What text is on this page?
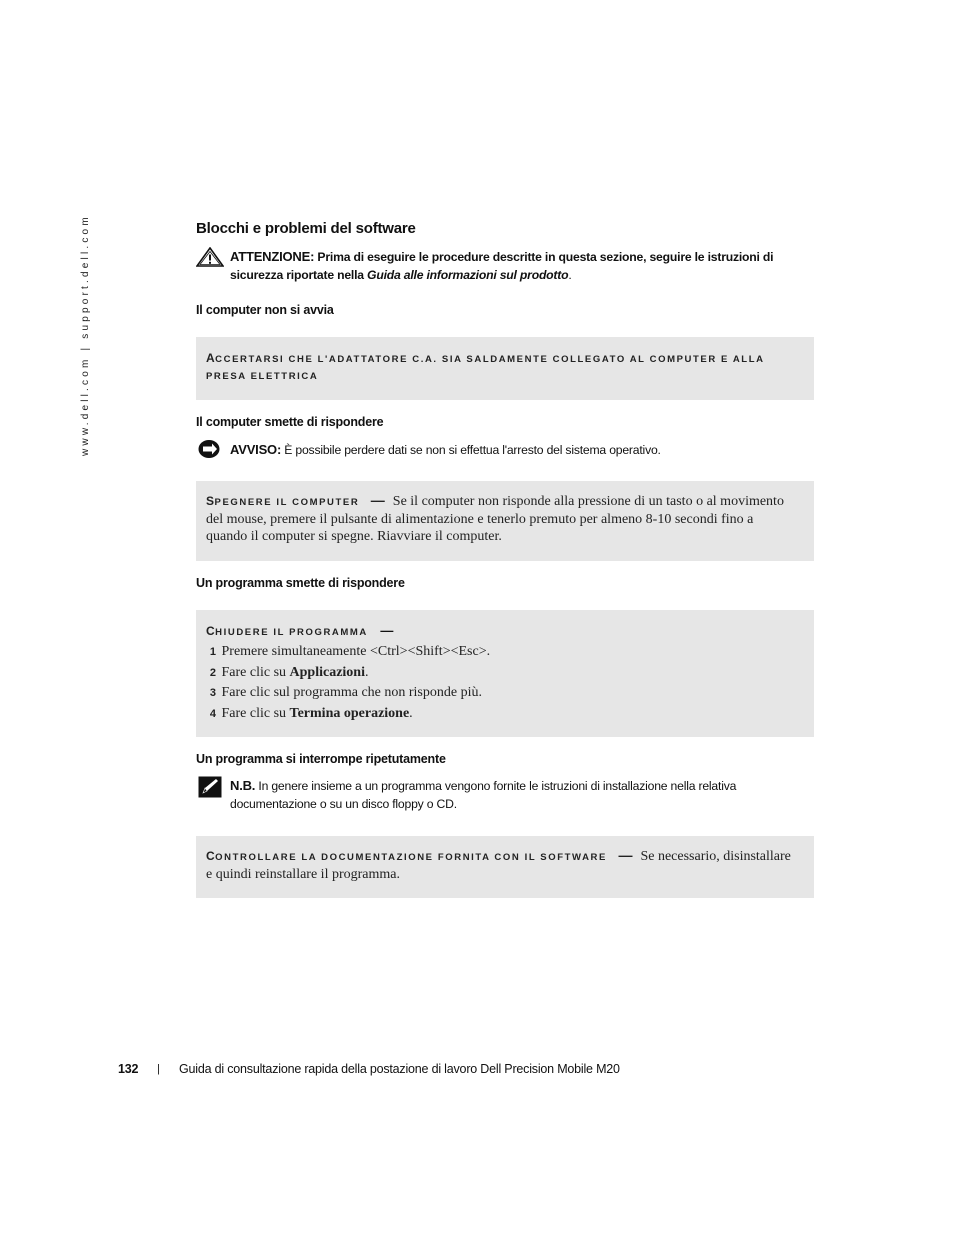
www.dell.com | support.dell.com	Blocchi e problemi del software
ATTENZIONE: Prima di eseguire le procedure descritte in questa sezione, seguire le istruzioni di sicurezza riportate nella Guida alle informazioni sul prodotto.
Il computer non si avvia
ACCERTARSI CHE L'ADATTATORE C.A. SIA SALDAMENTE COLLEGATO AL COMPUTER E ALLA PRESA ELETTRICA
Il computer smette di rispondere
AVVISO: È possibile perdere dati se non si effettua l'arresto del sistema operativo.
SPEGNERE IL COMPUTER — Se il computer non risponde alla pressione di un tasto o al movimento del mouse, premere il pulsante di alimentazione e tenerlo premuto per almeno 8-10 secondi fino a quando il computer si spegne. Riavviare il computer.
Un programma smette di rispondere
CHIUDERE IL PROGRAMMA —
1 Premere simultaneamente <Ctrl><Shift><Esc>.
2 Fare clic su Applicazioni.
3 Fare clic sul programma che non risponde più.
4 Fare clic su Termina operazione.
Un programma si interrompe ripetutamente
N.B. In genere insieme a un programma vengono fornite le istruzioni di installazione nella relativa documentazione o su un disco floppy o CD.
CONTROLLARE LA DOCUMENTAZIONE FORNITA CON IL SOFTWARE — Se necessario, disinstallare e quindi reinstallare il programma.
132 | Guida di consultazione rapida della postazione di lavoro Dell Precision Mobile M20
